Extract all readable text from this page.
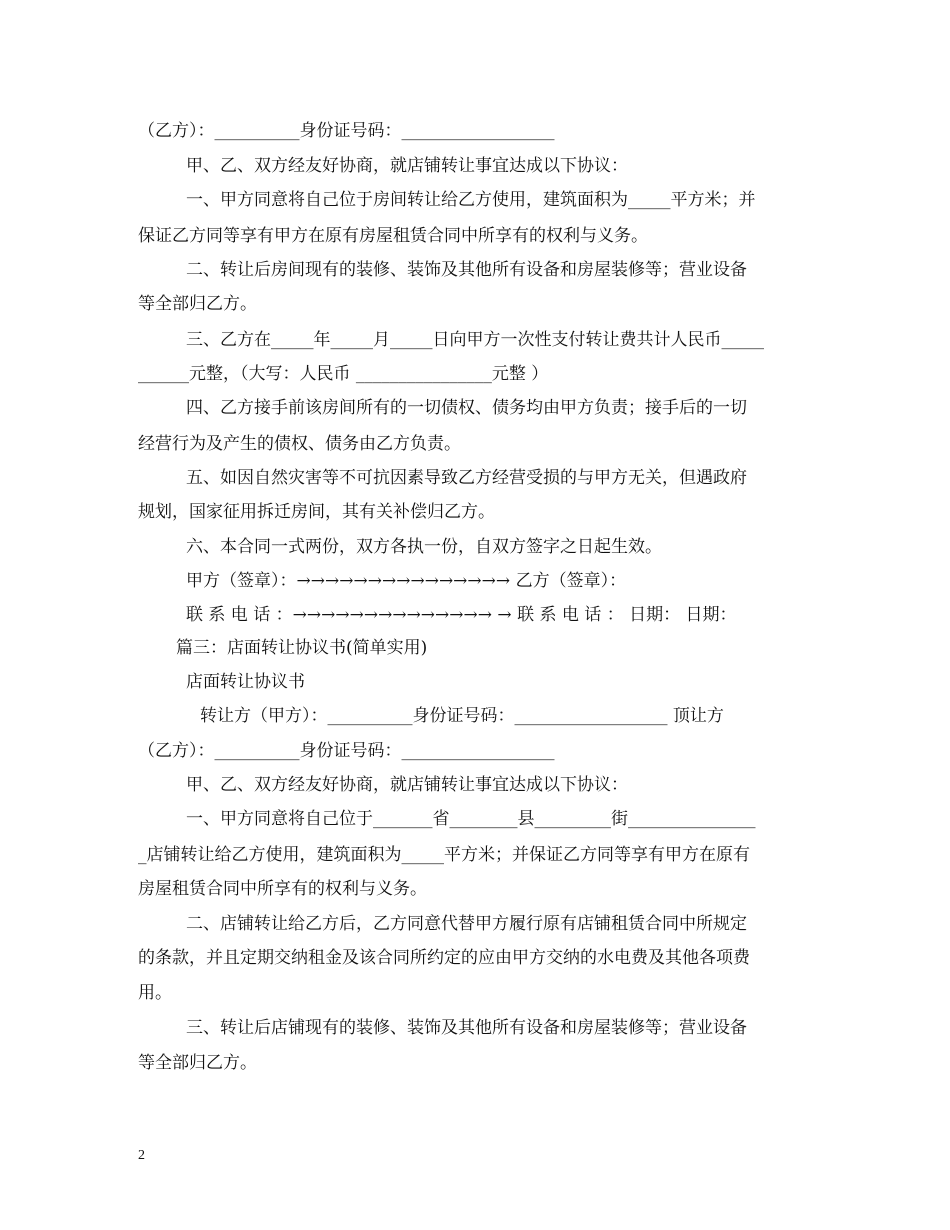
（乙方）：__________身份证号码：__________________
甲、乙、双方经友好协商，就店铺转让事宜达成以下协议：
一、甲方同意将自己位于房间转让给乙方使用，建筑面积为_____平方米；并
保证乙方同等享有甲方在原有房屋租赁合同中所享有的权利与义务。
二、转让后房间现有的装修、装饰及其他所有设备和房屋装修等；营业设备
等全部归乙方。
三、乙方在_____年_____月_____日向甲方一次性支付转让费共计人民币_____
______元整，（大写：人民币 ________________元整 ）
四、乙方接手前该房间所有的一切债权、债务均由甲方负责；接手后的一切
经营行为及产生的债权、债务由乙方负责。
五、如因自然灾害等不可抗因素导致乙方经营受损的与甲方无关，但遇政府
规划，国家征用拆迁房间，其有关补偿归乙方。
六、本合同一式两份，双方各执一份，自双方签字之日起生效。
甲方（签章）：→→→→→→→→→→→→→→→ 乙方（签章）：
联 系 电 话 ：→→→→→→→→→→→→→→ → 联 系 电 话 ： 日期： 日期：
篇三：店面转让协议书(简单实用)
店面转让协议书
转让方（甲方）：__________身份证号码：__________________ 顶让方
（乙方）：__________身份证号码：__________________
甲、乙、双方经友好协商，就店铺转让事宜达成以下协议：
一、甲方同意将自己位于_______省________县_________街_______________
_店铺转让给乙方使用，建筑面积为_____平方米；并保证乙方同等享有甲方在原有
房屋租赁合同中所享有的权利与义务。
二、店铺转让给乙方后，乙方同意代替甲方履行原有店铺租赁合同中所规定
的条款，并且定期交纳租金及该合同所约定的应由甲方交纳的水电费及其他各项费
用。
三、转让后店铺现有的装修、装饰及其他所有设备和房屋装修等；营业设备
等全部归乙方。
2
